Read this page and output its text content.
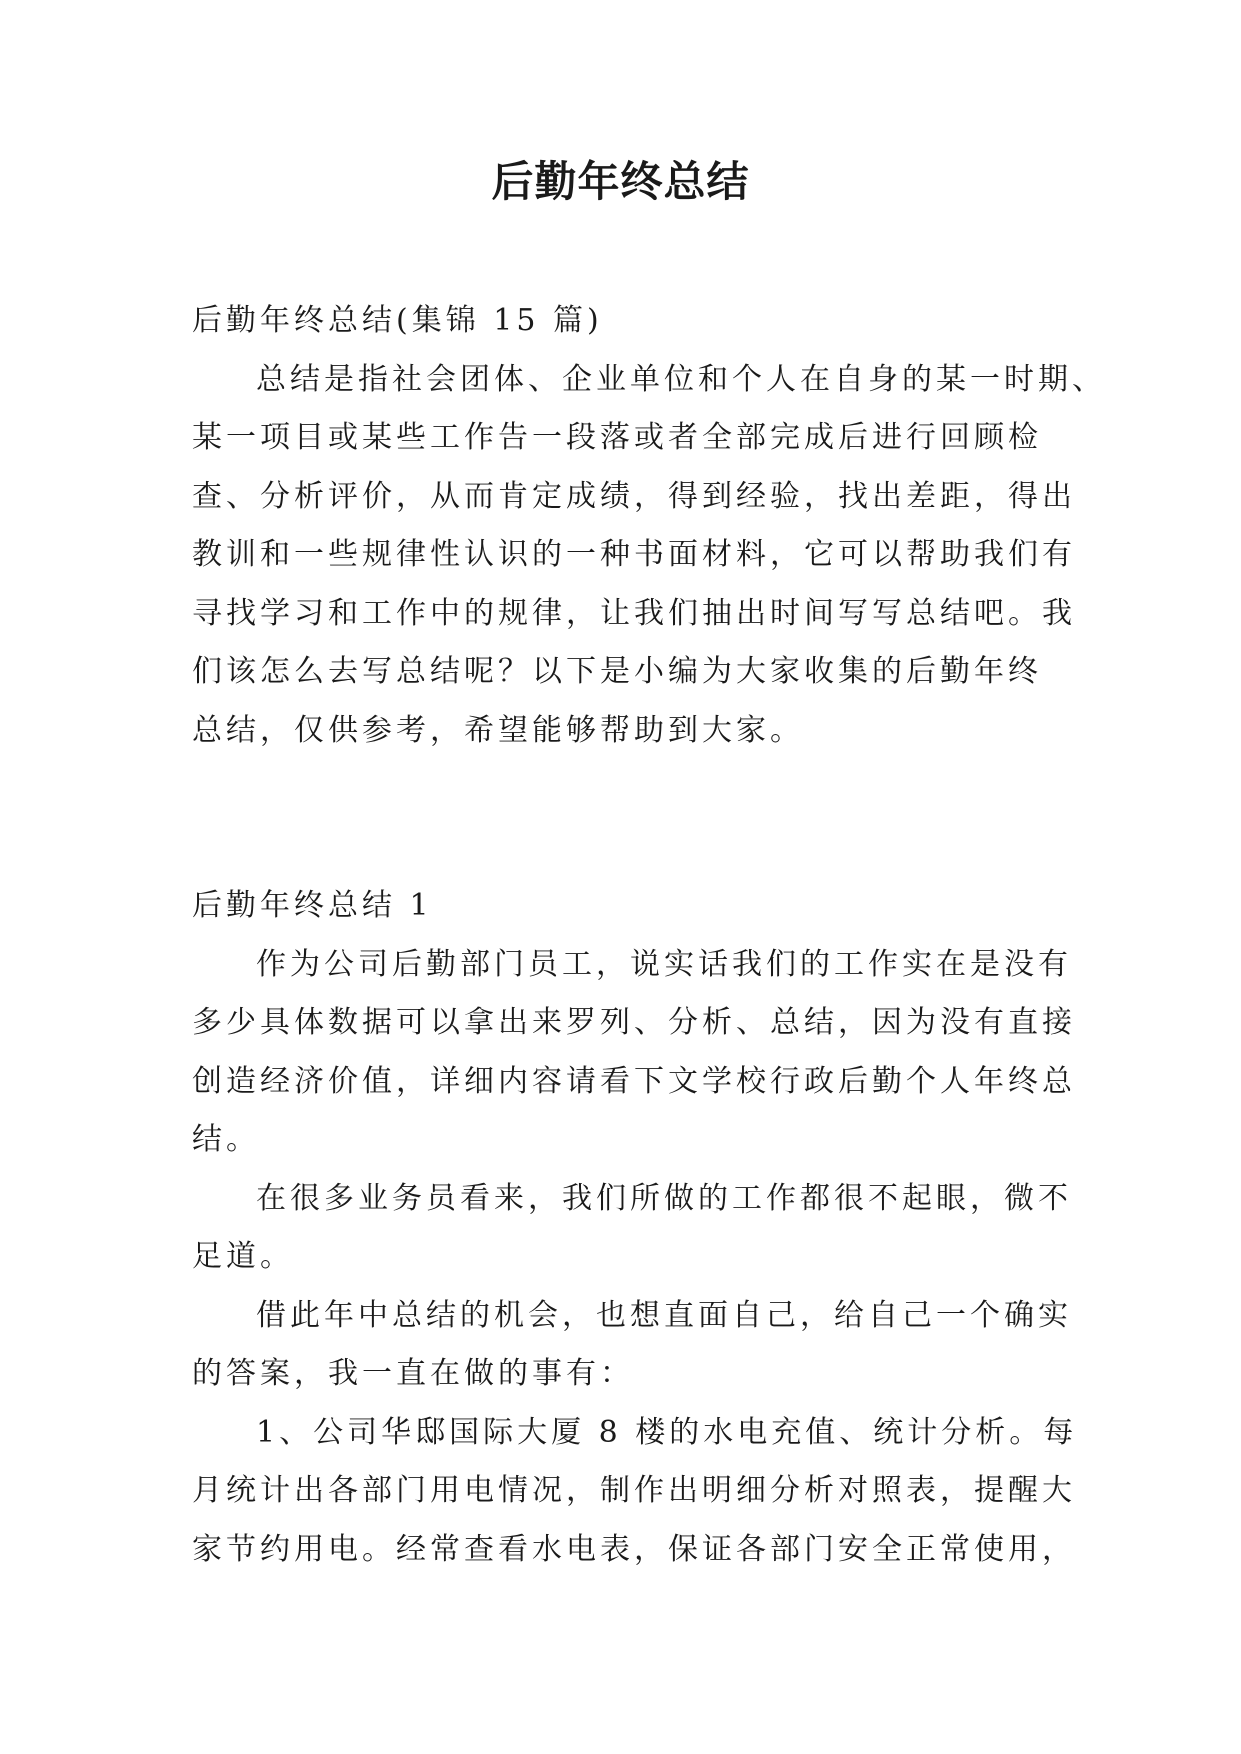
后勤年终总结
后勤年终总结(集锦 15 篇)
总结是指社会团体、企业单位和个人在自身的某一时期、
某一项目或某些工作告一段落或者全部完成后进行回顾检
查、分析评价，从而肯定成绩，得到经验，找出差距，得出
教训和一些规律性认识的一种书面材料，它可以帮助我们有
寻找学习和工作中的规律，让我们抽出时间写写总结吧。我
们该怎么去写总结呢？以下是小编为大家收集的后勤年终
总结，仅供参考，希望能够帮助到大家。
后勤年终总结 1
作为公司后勤部门员工，说实话我们的工作实在是没有
多少具体数据可以拿出来罗列、分析、总结，因为没有直接
创造经济价值，详细内容请看下文学校行政后勤个人年终总
结。
在很多业务员看来，我们所做的工作都很不起眼，微不
足道。
借此年中总结的机会，也想直面自己，给自己一个确实
的答案，我一直在做的事有：
1、公司华邸国际大厦 8 楼的水电充值、统计分析。每
月统计出各部门用电情况，制作出明细分析对照表，提醒大
家节约用电。经常查看水电表，保证各部门安全正常使用，
